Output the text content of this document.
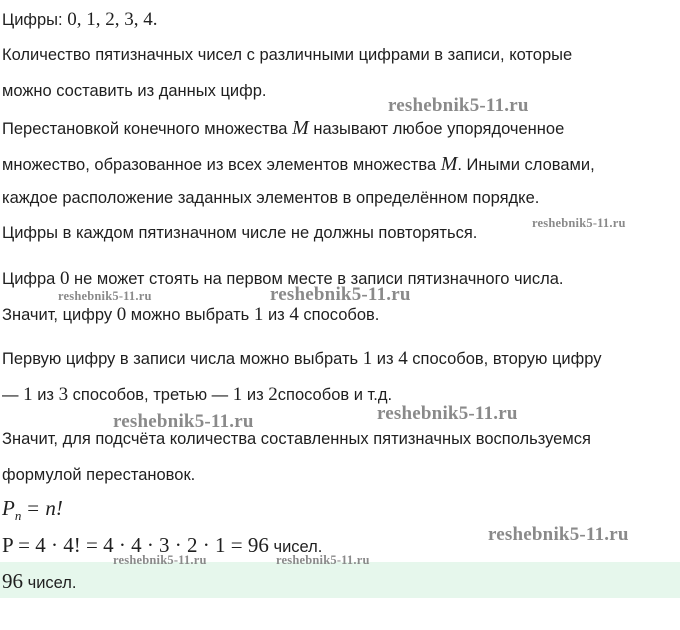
Цифры: 0, 1, 2, 3, 4.
Количество пятизначных чисел с различными цифрами в записи, которые
можно составить из данных цифр.
Перестановкой конечного множества M называют любое упорядоченное
множество, образованное из всех элементов множества M. Иными словами,
каждое расположение заданных элементов в определённом порядке.
Цифры в каждом пятизначном числе не должны повторяться.
Цифра 0 не может стоять на первом месте в записи пятизначного числа.
Значит, цифру 0 можно выбрать 1 из 4 способов.
Первую цифру в записи числа можно выбрать 1 из 4 способов, вторую цифру
— 1 из 3 способов, третью — 1 из 2способов и т.д.
Значит, для подсчёта количества составленных пятизначных воспользуемся
формулой перестановок.
$P_n = n$!
P = 4 · 4! = 4 · 4 · 3 · 2 · 1 = 96 чисел.
96 чисел.
reshebnik5-11.ru
reshebnik5-11.ru
reshebnik5-11.ru	reshebnik5-11.ru
reshebnik5-11.ru
reshebnik5-11.ru
reshebnik5-11.ru
reshebnik5-11.ru	reshebnik5-11.ru
